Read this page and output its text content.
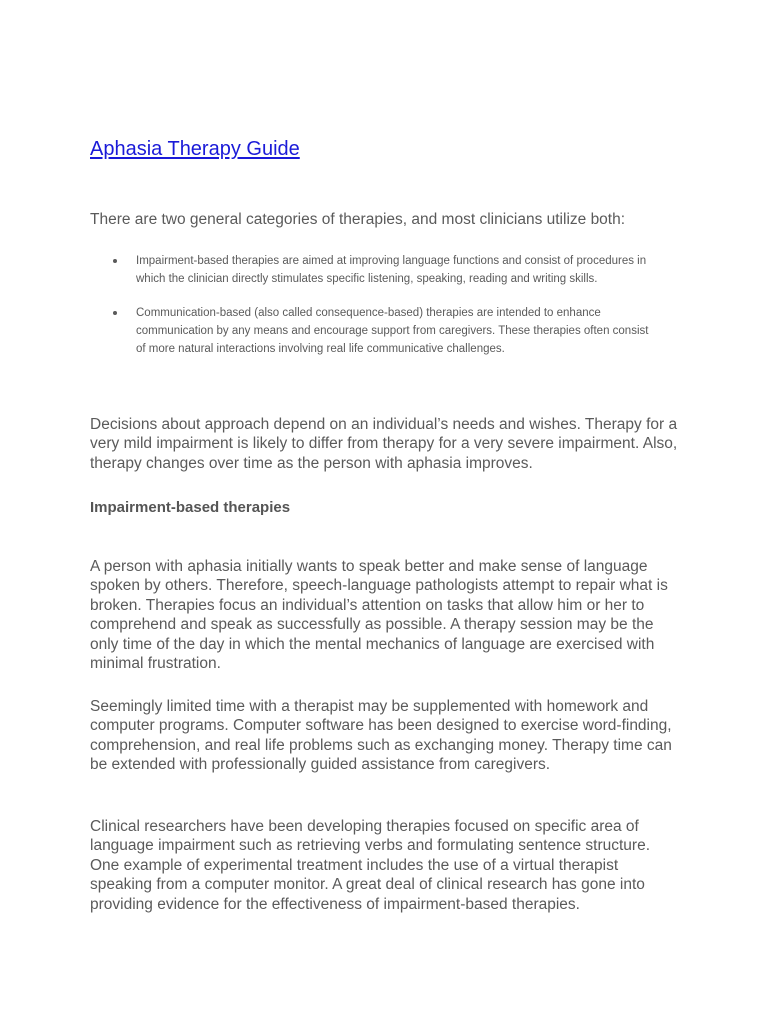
Aphasia Therapy Guide
There are two general categories of therapies, and most clinicians utilize both:
Impairment-based therapies are aimed at improving language functions and consist of procedures in which the clinician directly stimulates specific listening, speaking, reading and writing skills.
Communication-based (also called consequence-based) therapies are intended to enhance communication by any means and encourage support from caregivers. These therapies often consist of more natural interactions involving real life communicative challenges.

Decisions about approach depend on an individual’s needs and wishes. Therapy for a very mild impairment is likely to differ from therapy for a very severe impairment. Also, therapy changes over time as the person with aphasia improves.

Impairment-based therapies

A person with aphasia initially wants to speak better and make sense of language spoken by others. Therefore, speech-language pathologists attempt to repair what is broken. Therapies focus an individual’s attention on tasks that allow him or her to comprehend and speak as successfully as possible. A therapy session may be the only time of the day in which the mental mechanics of language are exercised with minimal frustration.

Seemingly limited time with a therapist may be supplemented with homework and computer programs. Computer software has been designed to exercise word-finding, comprehension, and real life problems such as exchanging money. Therapy time can be extended with professionally guided assistance from caregivers.

Clinical researchers have been developing therapies focused on specific area of language impairment such as retrieving verbs and formulating sentence structure. One example of experimental treatment includes the use of a virtual therapist speaking from a computer monitor. A great deal of clinical research has gone into providing evidence for the effectiveness of impairment-based therapies.
